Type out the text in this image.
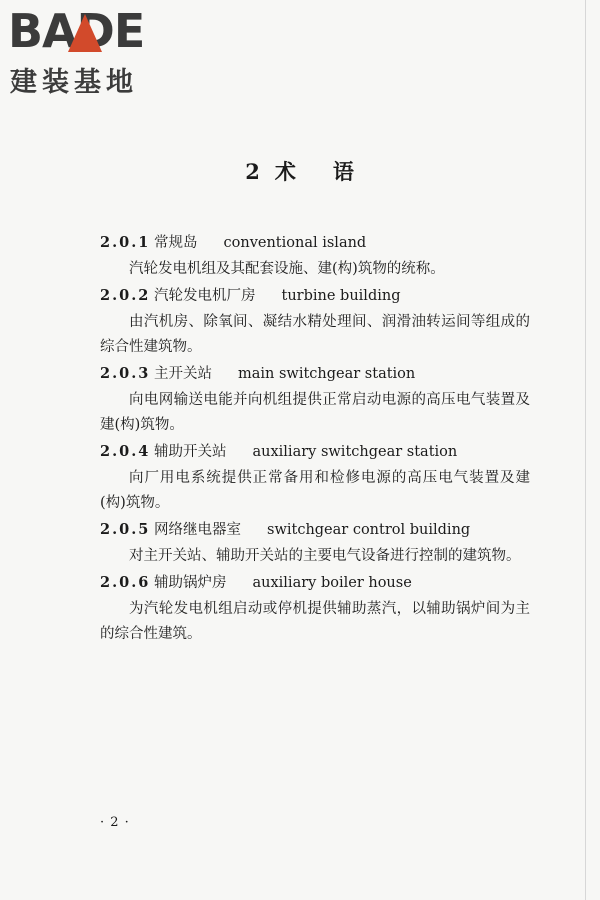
BADE
建装基地
2 术 语
2.0.1 常规岛 conventional island

汽轮发电机组及其配套设施、建(构)筑物的统称。

2.0.2 汽轮发电机厂房 turbine building

由汽机房、除氧间、凝结水精处理间、润滑油转运间等组成的综合性建筑物。

2.0.3 主开关站 main switchgear station

向电网输送电能并向机组提供正常启动电源的高压电气装置及建(构)筑物。

2.0.4 辅助开关站 auxiliary switchgear station

向厂用电系统提供正常备用和检修电源的高压电气装置及建(构)筑物。

2.0.5 网络继电器室 switchgear control building

对主开关站、辅助开关站的主要电气设备进行控制的建筑物。

2.0.6 辅助锅炉房 auxiliary boiler house

为汽轮发电机组启动或停机提供辅助蒸汽，以辅助锅炉间为主的综合性建筑。

· 2 ·
